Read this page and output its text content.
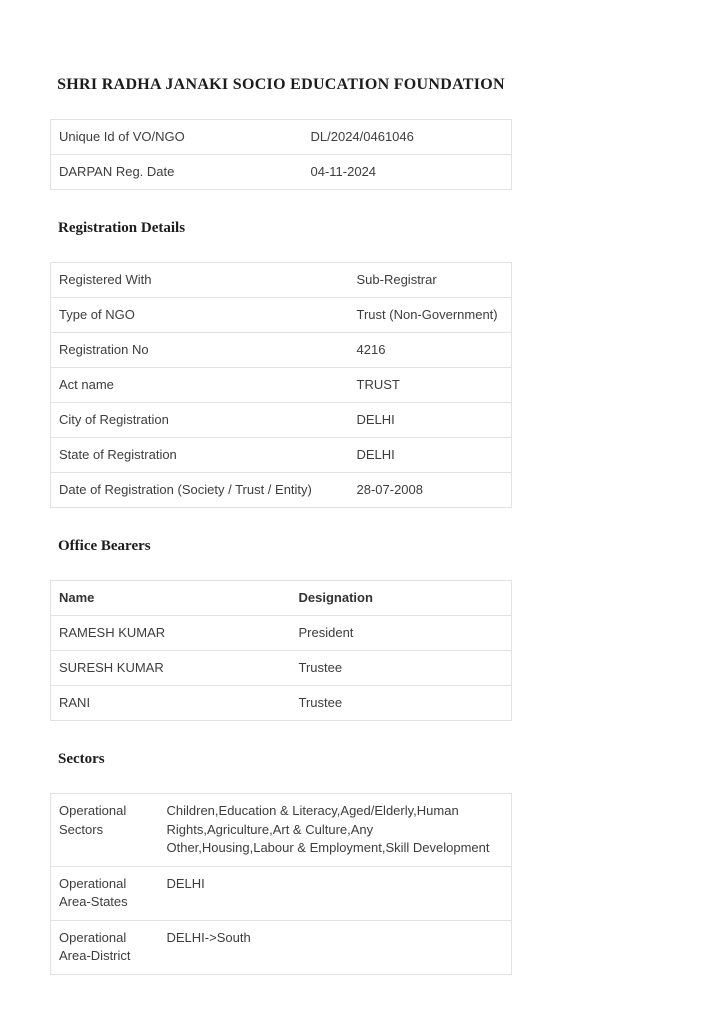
SHRI RADHA JANAKI SOCIO EDUCATION FOUNDATION
Unique Id of VO/NGO	DL/2024/0461046
DARPAN Reg. Date	04-11-2024
Registration Details
Registered With	Sub-Registrar
Type of NGO	Trust (Non-Government)
Registration No	4216
Act name	TRUST
City of Registration	DELHI
State of Registration	DELHI
Date of Registration (Society / Trust / Entity)	28-07-2008
Office Bearers
Name	Designation
RAMESH KUMAR	President
SURESH KUMAR	Trustee
RANI	Trustee
Sectors
Operational Sectors	Children,Education & Literacy,Aged/Elderly,Human Rights,Agriculture,Art & Culture,Any Other,Housing,Labour & Employment,Skill Development
Operational Area-States	DELHI
Operational Area-District	DELHI->South
